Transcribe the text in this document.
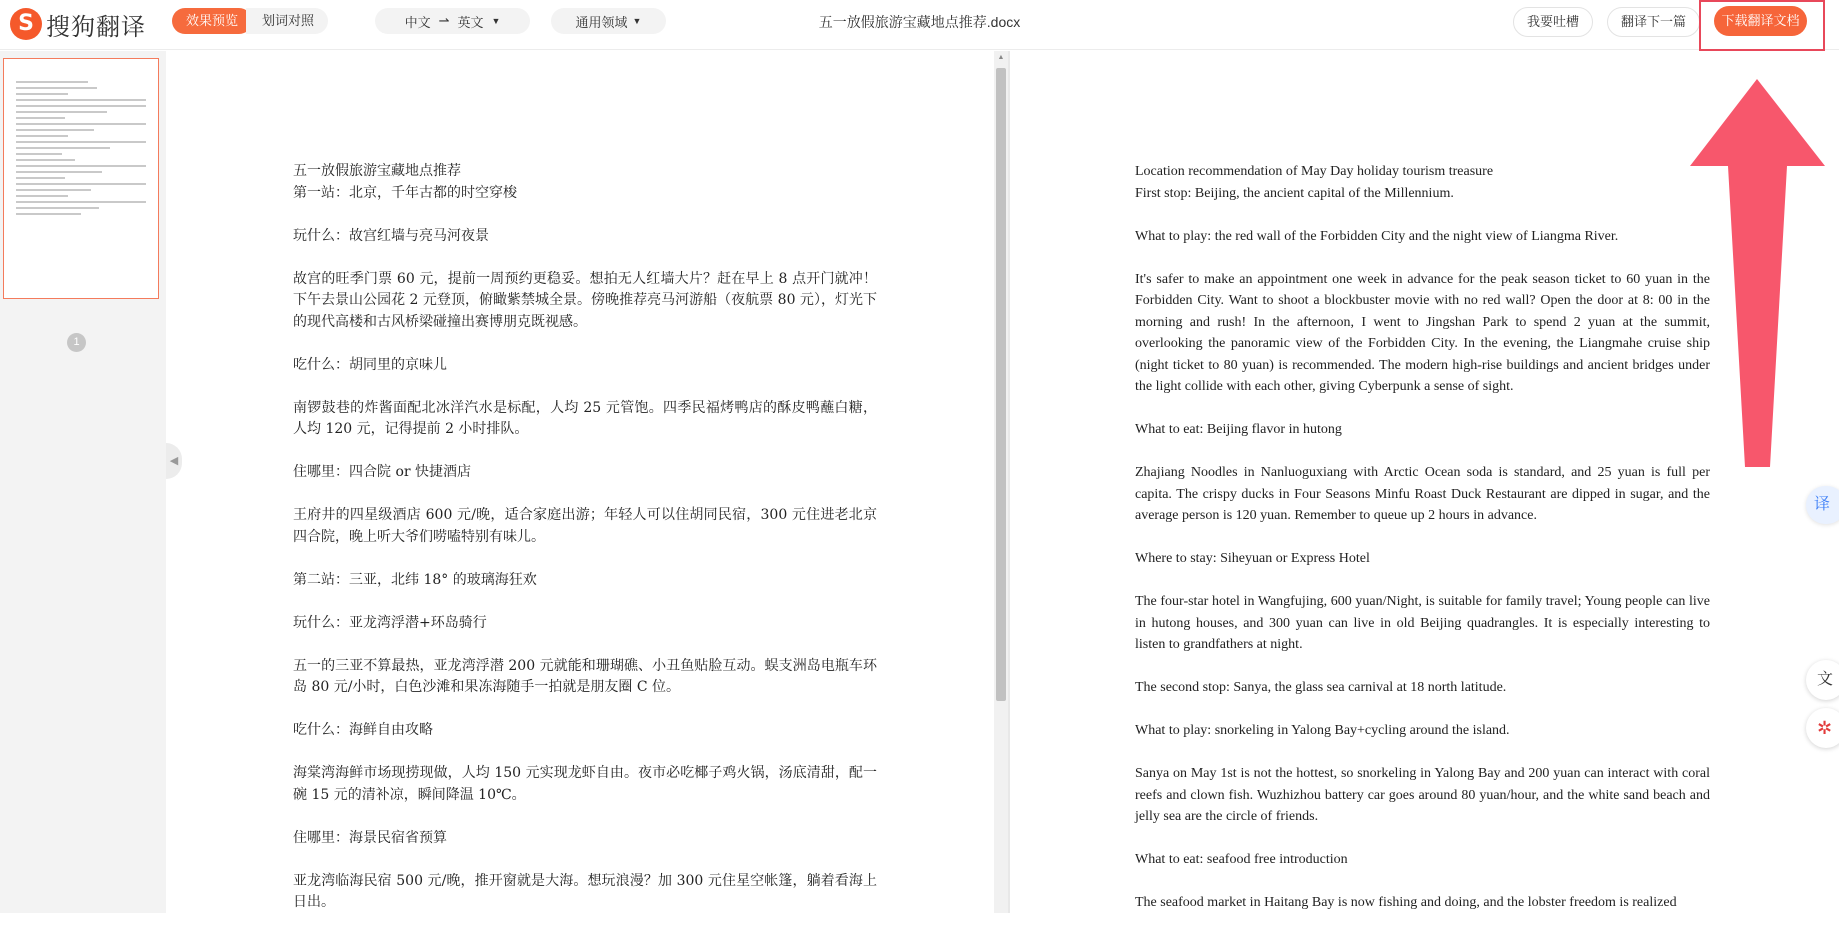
S 搜狗翻译	效果预览	划词对照	中文 ⇀ 英文 ▼	通用领域 ▼	五一放假旅游宝藏地点推荐.docx	我要吐槽	翻译下一篇	下载翻译文档
1
◀

五一放假旅游宝藏地点推荐

第一站：北京，千年古都的时空穿梭

玩什么：故宫红墙与亮马河夜景

故宫的旺季门票 60 元，提前一周预约更稳妥。想拍无人红墙大片？赶在早上 8 点开门就冲！下午去景山公园花 2 元登顶，俯瞰紫禁城全景。傍晚推荐亮马河游船（夜航票 80 元），灯光下的现代高楼和古风桥梁碰撞出赛博朋克既视感。

吃什么：胡同里的京味儿

南锣鼓巷的炸酱面配北冰洋汽水是标配，人均 25 元管饱。四季民福烤鸭店的酥皮鸭蘸白糖，人均 120 元，记得提前 2 小时排队。

住哪里：四合院 or 快捷酒店

王府井的四星级酒店 600 元/晚，适合家庭出游；年轻人可以住胡同民宿，300 元住进老北京四合院，晚上听大爷们唠嗑特别有味儿。

第二站：三亚，北纬 18° 的玻璃海狂欢

玩什么：亚龙湾浮潜+环岛骑行

五一的三亚不算最热，亚龙湾浮潜 200 元就能和珊瑚礁、小丑鱼贴脸互动。蜈支洲岛电瓶车环岛 80 元/小时，白色沙滩和果冻海随手一拍就是朋友圈 C 位。

吃什么：海鲜自由攻略

海棠湾海鲜市场现捞现做，人均 150 元实现龙虾自由。夜市必吃椰子鸡火锅，汤底清甜，配一碗 15 元的清补凉，瞬间降温 10℃。

住哪里：海景民宿省预算

亚龙湾临海民宿 500 元/晚，推开窗就是大海。想玩浪漫？加 300 元住星空帐篷，躺着看海上日出。

▲

Location recommendation of May Day holiday tourism treasure

First stop: Beijing, the ancient capital of the Millennium.

What to play: the red wall of the Forbidden City and the night view of Liangma River.

It's safer to make an appointment one week in advance for the peak season ticket to 60 yuan in the Forbidden City. Want to shoot a blockbuster movie with no red wall? Open the door at 8: 00 in the morning and rush! In the afternoon, I went to Jingshan Park to spend 2 yuan at the summit, overlooking the panoramic view of the Forbidden City. In the evening, the Liangmahe cruise ship (night ticket to 80 yuan) is recommended. The modern high-rise buildings and ancient bridges under the light collide with each other, giving Cyberpunk a sense of sight.

What to eat: Beijing flavor in hutong

Zhajiang Noodles in Nanluoguxiang with Arctic Ocean soda is standard, and 25 yuan is full per capita. The crispy ducks in Four Seasons Minfu Roast Duck Restaurant are dipped in sugar, and the average person is 120 yuan. Remember to queue up 2 hours in advance.

Where to stay: Siheyuan or Express Hotel

The four-star hotel in Wangfujing, 600 yuan/Night, is suitable for family travel; Young people can live in hutong houses, and 300 yuan can live in old Beijing quadrangles. It is especially interesting to listen to grandfathers at night.

The second stop: Sanya, the glass sea carnival at 18 north latitude.

What to play: snorkeling in Yalong Bay+cycling around the island.

Sanya on May 1st is not the hottest, so snorkeling in Yalong Bay and 200 yuan can interact with coral reefs and clown fish. Wuzhizhou battery car goes around 80 yuan/hour, and the white sand beach and jelly sea are the circle of friends.

What to eat: seafood free introduction

The seafood market in Haitang Bay is now fishing and doing, and the lobster freedom is realized

译
文
✲
